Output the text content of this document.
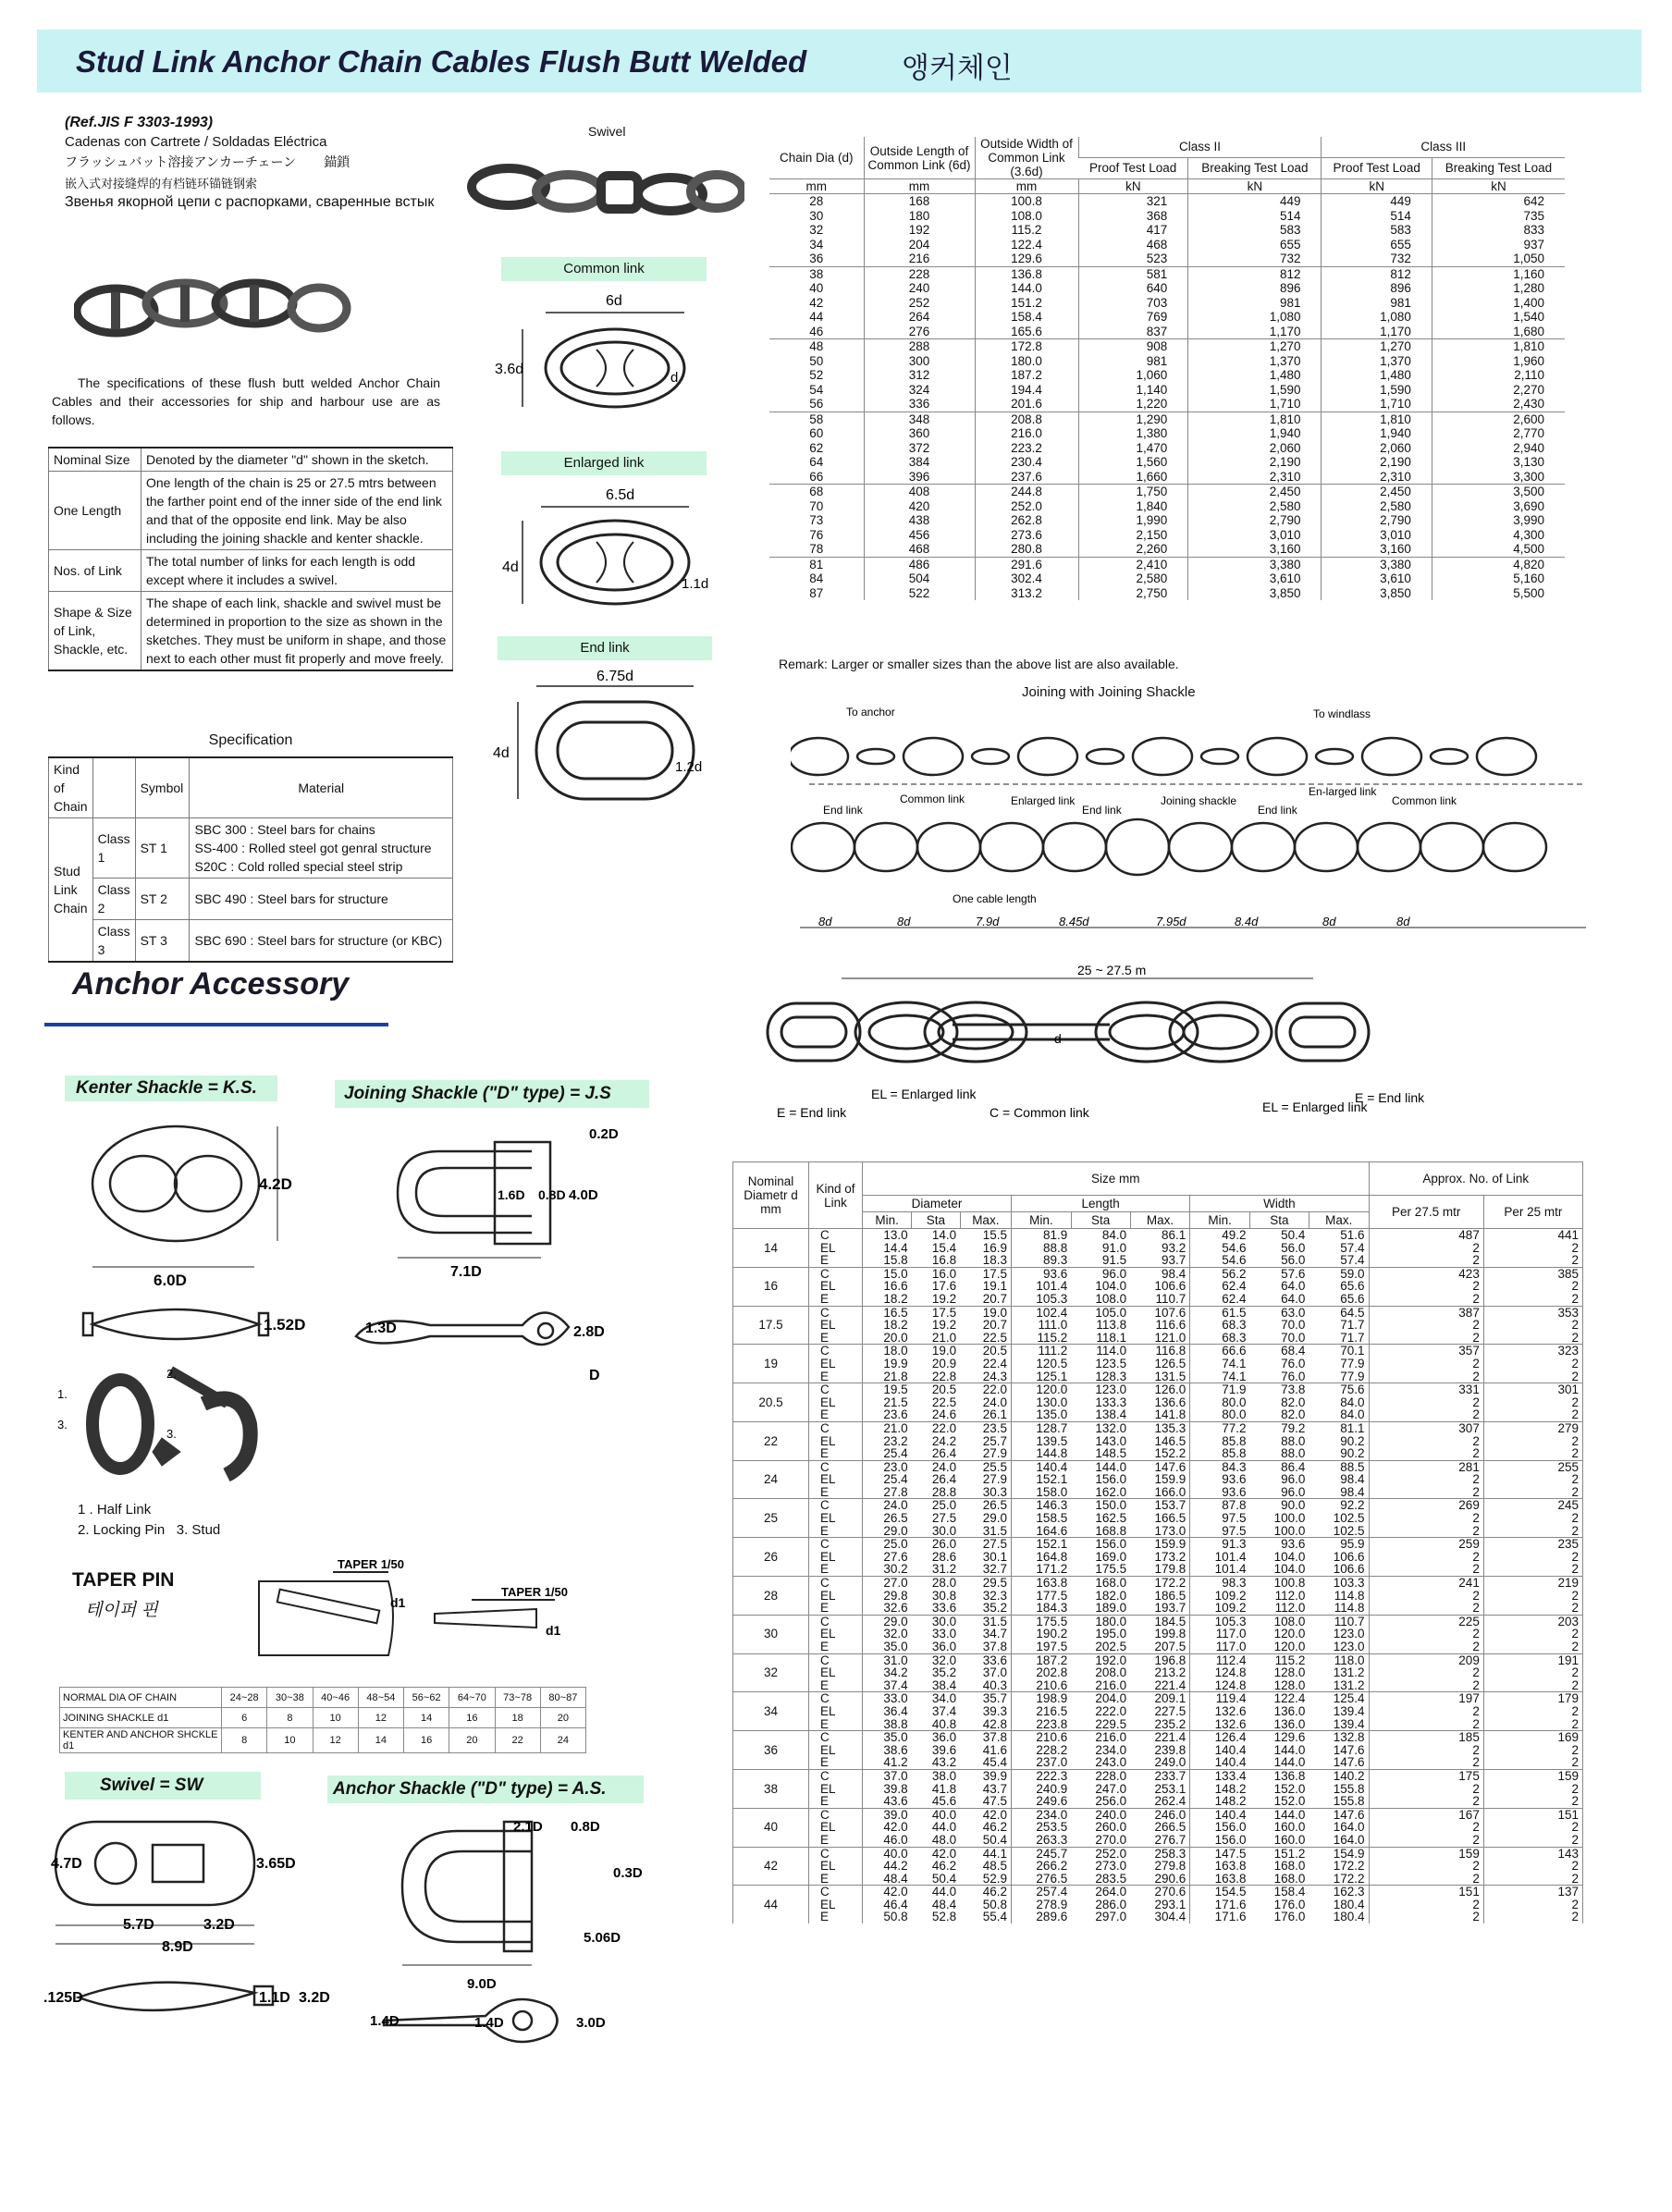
Stud Link Anchor Chain Cables Flush Butt Welded	앵커체인
(Ref.JIS F 3303-1993)
Cadenas con Cartrete / Soldadas Eléctrica
フラッシュバット溶接アンカーチェーン 錨鎖
嵌入式对接缝焊的有档链环锚链钢索
Звенья якорной цепи с распорками, сваренные встык
The specifications of these flush butt welded Anchor Chain Cables and their accessories for ship and harbour use are as follows.
Nominal Size	Denoted by the diameter "d" shown in the sketch.
One Length	One length of the chain is 25 or 27.5 mtrs between the farther point end of the inner side of the end link and that of the opposite end link. May be also including the joining shackle and kenter shackle.
Nos. of Link	The total number of links for each length is odd except where it includes a swivel.
Shape & Size of Link, Shackle, etc.	The shape of each link, shackle and swivel must be determined in proportion to the size as shown in the sketches. They must be uniform in shape, and those next to each other must fit properly and move freely.
Specification
Kind of Chain		Symbol	Material
Stud Link Chain	Class 1	ST 1	SBC 300 : Steel bars for chains
SS-400 : Rolled steel got genral structure
S20C : Cold rolled special steel strip

	Class 2	ST 2	SBC 490 : Steel bars for structure
	Class 3	ST 3	SBC 690 : Steel bars for structure (or KBC)
Swivel
Common link
6d
3.6d
d
Enlarged link
6.5d
4d
1.1d
End link
6.75d
4d
1.2d
Chain Dia (d)	Outside Length of Common Link (6d)	Outside Width of Common Link (3.6d)	Class II		Class III	
			Proof Test Load	Breaking Test Load	Proof Test Load	Breaking Test Load
mm	mm	mm	kN	kN	kN	kN
28	168	100.8	321	449	449	642
30	180	108.0	368	514	514	735
32	192	115.2	417	583	583	833
34	204	122.4	468	655	655	937
36	216	129.6	523	732	732	1,050
38	228	136.8	581	812	812	1,160
40	240	144.0	640	896	896	1,280
42	252	151.2	703	981	981	1,400
44	264	158.4	769	1,080	1,080	1,540
46	276	165.6	837	1,170	1,170	1,680
48	288	172.8	908	1,270	1,270	1,810
50	300	180.0	981	1,370	1,370	1,960
52	312	187.2	1,060	1,480	1,480	2,110
54	324	194.4	1,140	1,590	1,590	2,270
56	336	201.6	1,220	1,710	1,710	2,430
58	348	208.8	1,290	1,810	1,810	2,600
60	360	216.0	1,380	1,940	1,940	2,770
62	372	223.2	1,470	2,060	2,060	2,940
64	384	230.4	1,560	2,190	2,190	3,130
66	396	237.6	1,660	2,310	2,310	3,300
68	408	244.8	1,750	2,450	2,450	3,500
70	420	252.0	1,840	2,580	2,580	3,690
73	438	262.8	1,990	2,790	2,790	3,990
76	456	273.6	2,150	3,010	3,010	4,300
78	468	280.8	2,260	3,160	3,160	4,500
81	486	291.6	2,410	3,380	3,380	4,820
84	504	302.4	2,580	3,610	3,610	5,160
87	522	313.2	2,750	3,850	3,850	5,500
Remark: Larger or smaller sizes than the above list are also available.
Joining with Joining Shackle
To anchor	To windlass
End link
Common link	Enlarged link
End link
Joining shackle
End link
En-larged link
Common link
One cable length
8d	8d	7.9d	8.45d	7.95d	8.4d	8d	8d
25 ~ 27.5 m
d
E = End link
EL = Enlarged link
C = Common link	EL = Enlarged link
E = End link
Anchor Accessory
Kenter Shackle = K.S.	Joining Shackle ("D" type) = J.S
4.2D
6.0D
1.52D
1.
2.
3.
3.
1 . Half Link
2. Locking Pin   3. Stud
0.2D
1.6D 0.8D 4.0D
7.1D
1.3D	2.8D
D
TAPER PIN
테이퍼 핀
TAPER 1/50
TAPER 1/50
d1
d1
NORMAL DIA OF CHAIN	24~28	30~38	40~46	48~54	56~62	64~70	73~78	80~87
JOINING SHACKLE d1	6	8	10	12	14	16	18	20
KENTER AND ANCHOR SHCKLE d1	8	10	12	14	16	20	22	24
Swivel = SW	Anchor Shackle ("D" type) = A.S.
4.7D	3.65D
5.7D	3.2D
8.9D
.125D	1.1D 3.2D
2.1D 0.8D
0.3D
5.06D
9.0D
1.4D	1.4D	3.0D
Nominal Diametr d mm	Kind of Link	Size mm									Approx. No. of Link	
		Diameter			Length			Width			Per 27.5 mtr	Per 25 mtr
		Min.	Sta	Max.	Min.	Sta	Max.	Min.	Sta	Max.		
14	C	13.0	14.0	15.5	81.9	84.0	86.1	49.2	50.4	51.6	487	441
	EL	14.4	15.4	16.9	88.8	91.0	93.2	54.6	56.0	57.4	2	2
	E	15.8	16.8	18.3	89.3	91.5	93.7	54.6	56.0	57.4	2	2
16	C	15.0	16.0	17.5	93.6	96.0	98.4	56.2	57.6	59.0	423	385
	EL	16.6	17.6	19.1	101.4	104.0	106.6	62.4	64.0	65.6	2	2
	E	18.2	19.2	20.7	105.3	108.0	110.7	62.4	64.0	65.6	2	2
17.5	C	16.5	17.5	19.0	102.4	105.0	107.6	61.5	63.0	64.5	387	353
	EL	18.2	19.2	20.7	111.0	113.8	116.6	68.3	70.0	71.7	2	2
	E	20.0	21.0	22.5	115.2	118.1	121.0	68.3	70.0	71.7	2	2
19	C	18.0	19.0	20.5	111.2	114.0	116.8	66.6	68.4	70.1	357	323
	EL	19.9	20.9	22.4	120.5	123.5	126.5	74.1	76.0	77.9	2	2
	E	21.8	22.8	24.3	125.1	128.3	131.5	74.1	76.0	77.9	2	2
20.5	C	19.5	20.5	22.0	120.0	123.0	126.0	71.9	73.8	75.6	331	301
	EL	21.5	22.5	24.0	130.0	133.3	136.6	80.0	82.0	84.0	2	2
	E	23.6	24.6	26.1	135.0	138.4	141.8	80.0	82.0	84.0	2	2
22	C	21.0	22.0	23.5	128.7	132.0	135.3	77.2	79.2	81.1	307	279
	EL	23.2	24.2	25.7	139.5	143.0	146.5	85.8	88.0	90.2	2	2
	E	25.4	26.4	27.9	144.8	148.5	152.2	85.8	88.0	90.2	2	2
24	C	23.0	24.0	25.5	140.4	144.0	147.6	84.3	86.4	88.5	281	255
	EL	25.4	26.4	27.9	152.1	156.0	159.9	93.6	96.0	98.4	2	2
	E	27.8	28.8	30.3	158.0	162.0	166.0	93.6	96.0	98.4	2	2
25	C	24.0	25.0	26.5	146.3	150.0	153.7	87.8	90.0	92.2	269	245
	EL	26.5	27.5	29.0	158.5	162.5	166.5	97.5	100.0	102.5	2	2
	E	29.0	30.0	31.5	164.6	168.8	173.0	97.5	100.0	102.5	2	2
26	C	25.0	26.0	27.5	152.1	156.0	159.9	91.3	93.6	95.9	259	235
	EL	27.6	28.6	30.1	164.8	169.0	173.2	101.4	104.0	106.6	2	2
	E	30.2	31.2	32.7	171.2	175.5	179.8	101.4	104.0	106.6	2	2
28	C	27.0	28.0	29.5	163.8	168.0	172.2	98.3	100.8	103.3	241	219
	EL	29.8	30.8	32.3	177.5	182.0	186.5	109.2	112.0	114.8	2	2
	E	32.6	33.6	35.2	184.3	189.0	193.7	109.2	112.0	114.8	2	2
30	C	29.0	30.0	31.5	175.5	180.0	184.5	105.3	108.0	110.7	225	203
	EL	32.0	33.0	34.7	190.2	195.0	199.8	117.0	120.0	123.0	2	2
	E	35.0	36.0	37.8	197.5	202.5	207.5	117.0	120.0	123.0	2	2
32	C	31.0	32.0	33.6	187.2	192.0	196.8	112.4	115.2	118.0	209	191
	EL	34.2	35.2	37.0	202.8	208.0	213.2	124.8	128.0	131.2	2	2
	E	37.4	38.4	40.3	210.6	216.0	221.4	124.8	128.0	131.2	2	2
34	C	33.0	34.0	35.7	198.9	204.0	209.1	119.4	122.4	125.4	197	179
	EL	36.4	37.4	39.3	216.5	222.0	227.5	132.6	136.0	139.4	2	2
	E	38.8	40.8	42.8	223.8	229.5	235.2	132.6	136.0	139.4	2	2
36	C	35.0	36.0	37.8	210.6	216.0	221.4	126.4	129.6	132.8	185	169
	EL	38.6	39.6	41.6	228.2	234.0	239.8	140.4	144.0	147.6	2	2
	E	41.2	43.2	45.4	237.0	243.0	249.0	140.4	144.0	147.6	2	2
38	C	37.0	38.0	39.9	222.3	228.0	233.7	133.4	136.8	140.2	175	159
	EL	39.8	41.8	43.7	240.9	247.0	253.1	148.2	152.0	155.8	2	2
	E	43.6	45.6	47.5	249.6	256.0	262.4	148.2	152.0	155.8	2	2
40	C	39.0	40.0	42.0	234.0	240.0	246.0	140.4	144.0	147.6	167	151
	EL	42.0	44.0	46.2	253.5	260.0	266.5	156.0	160.0	164.0	2	2
	E	46.0	48.0	50.4	263.3	270.0	276.7	156.0	160.0	164.0	2	2
42	C	40.0	42.0	44.1	245.7	252.0	258.3	147.5	151.2	154.9	159	143
	EL	44.2	46.2	48.5	266.2	273.0	279.8	163.8	168.0	172.2	2	2
	E	48.4	50.4	52.9	276.5	283.5	290.6	163.8	168.0	172.2	2	2
44	C	42.0	44.0	46.2	257.4	264.0	270.6	154.5	158.4	162.3	151	137
	EL	46.4	48.4	50.8	278.9	286.0	293.1	171.6	176.0	180.4	2	2
	E	50.8	52.8	55.4	289.6	297.0	304.4	171.6	176.0	180.4	2	2
